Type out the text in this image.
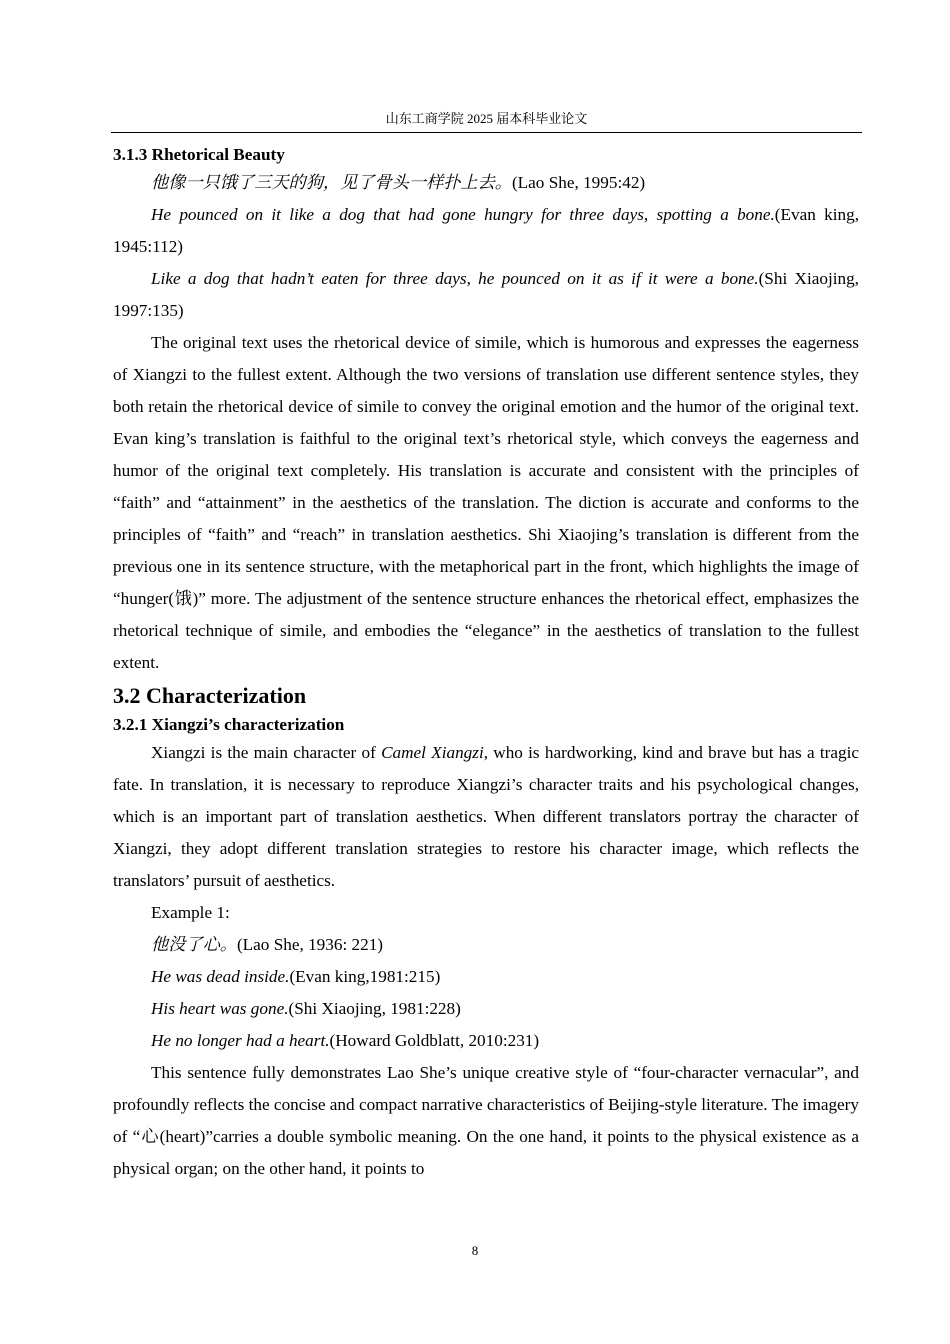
山东工商学院 2025 届本科毕业论文

3.1.3 Rhetorical Beauty

他像一只饿了三天的狗，见了骨头一样扑上去。(Lao She, 1995:42)

He pounced on it like a dog that had gone hungry for three days, spotting a bone.(Evan king, 1945:112)

Like a dog that hadn’t eaten for three days, he pounced on it as if it were a bone.(Shi Xiaojing, 1997:135)

The original text uses the rhetorical device of simile, which is humorous and expresses the eagerness of Xiangzi to the fullest extent. Although the two versions of translation use different sentence styles, they both retain the rhetorical device of simile to convey the original emotion and the humor of the original text. Evan king’s translation is faithful to the original text’s rhetorical style, which conveys the eagerness and humor of the original text completely. His translation is accurate and consistent with the principles of “faith” and “attainment” in the aesthetics of the translation. The diction is accurate and conforms to the principles of “faith” and “reach” in translation aesthetics. Shi Xiaojing’s translation is different from the previous one in its sentence structure, with the metaphorical part in the front, which highlights the image of “hunger(饿)” more. The adjustment of the sentence structure enhances the rhetorical effect, emphasizes the rhetorical technique of simile, and embodies the “elegance” in the aesthetics of translation to the fullest extent.

3.2 Characterization

3.2.1 Xiangzi’s characterization

Xiangzi is the main character of Camel Xiangzi, who is hardworking, kind and brave but has a tragic fate. In translation, it is necessary to reproduce Xiangzi’s character traits and his psychological changes, which is an important part of translation aesthetics. When different translators portray the character of Xiangzi, they adopt different translation strategies to restore his character image, which reflects the translators’ pursuit of aesthetics.

Example 1:

他没了心。(Lao She, 1936: 221)

He was dead inside.(Evan king,1981:215)

His heart was gone.(Shi Xiaojing, 1981:228)

He no longer had a heart.(Howard Goldblatt, 2010:231)

This sentence fully demonstrates Lao She’s unique creative style of “four-character vernacular”, and profoundly reflects the concise and compact narrative characteristics of Beijing-style literature. The imagery of “心(heart)”carries a double symbolic meaning. On the one hand, it points to the physical existence as a physical organ; on the other hand, it points to

8
